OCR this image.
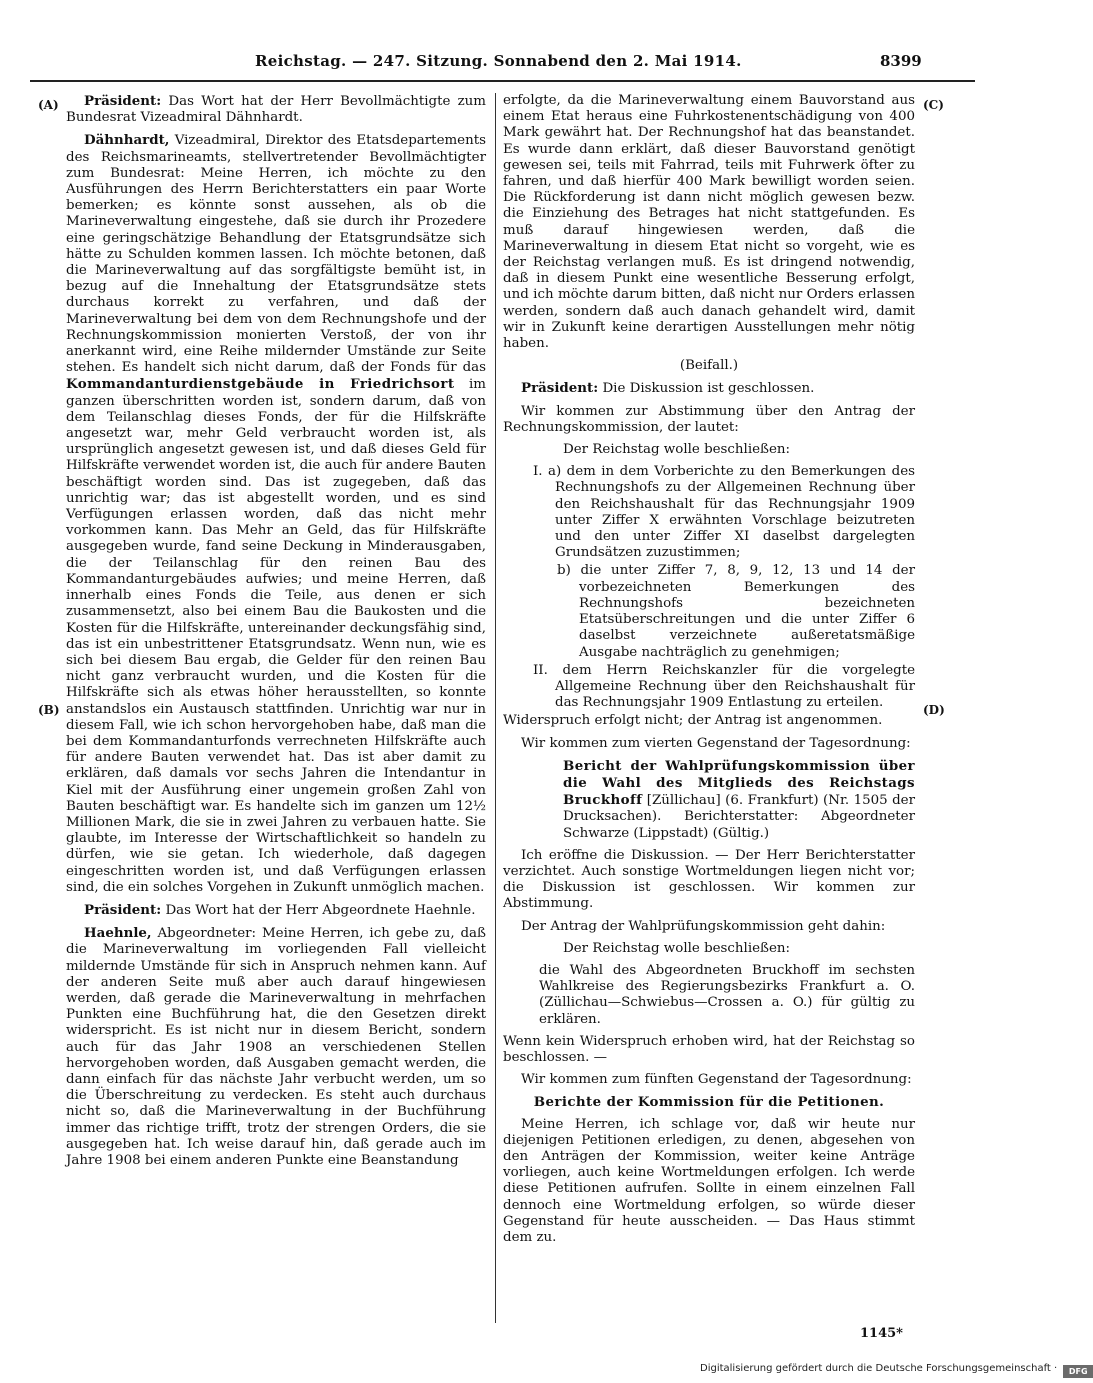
Reichstag. — 247. Sitzung. Sonnabend den 2. Mai 1914.	8399
(A)
(B)
(C)
(D)

Präsident: Das Wort hat der Herr Bevollmächtigte zum Bundesrat Vizeadmiral Dähnhardt.

Dähnhardt, Vizeadmiral, Direktor des Etatsdepartements des Reichsmarineamts, stellvertretender Bevollmächtigter zum Bundesrat: Meine Herren, ich möchte zu den Ausführungen des Herrn Berichterstatters ein paar Worte bemerken; es könnte sonst aussehen, als ob die Marineverwaltung eingestehe, daß sie durch ihr Prozedere eine geringschätzige Behandlung der Etatsgrundsätze sich hätte zu Schulden kommen lassen. Ich möchte betonen, daß die Marineverwaltung auf das sorgfältigste bemüht ist, in bezug auf die Innehaltung der Etatsgrundsätze stets durchaus korrekt zu verfahren, und daß der Marineverwaltung bei dem von dem Rechnungshofe und der Rechnungskommission monierten Verstoß, der von ihr anerkannt wird, eine Reihe mildernder Umstände zur Seite stehen. Es handelt sich nicht darum, daß der Fonds für das Kommandanturdienstgebäude in Friedrichsort im ganzen überschritten worden ist, sondern darum, daß von dem Teilanschlag dieses Fonds, der für die Hilfskräfte angesetzt war, mehr Geld verbraucht worden ist, als ursprünglich angesetzt gewesen ist, und daß dieses Geld für Hilfskräfte verwendet worden ist, die auch für andere Bauten beschäftigt worden sind. Das ist zugegeben, daß das unrichtig war; das ist abgestellt worden, und es sind Verfügungen erlassen worden, daß das nicht mehr vorkommen kann. Das Mehr an Geld, das für Hilfskräfte ausgegeben wurde, fand seine Deckung in Minderausgaben, die der Teilanschlag für den reinen Bau des Kommandanturgebäudes aufwies; und meine Herren, daß innerhalb eines Fonds die Teile, aus denen er sich zusammensetzt, also bei einem Bau die Baukosten und die Kosten für die Hilfskräfte, untereinander deckungsfähig sind, das ist ein unbestrittener Etatsgrundsatz. Wenn nun, wie es sich bei diesem Bau ergab, die Gelder für den reinen Bau nicht ganz verbraucht wurden, und die Kosten für die Hilfskräfte sich als etwas höher herausstellten, so konnte anstandslos ein Austausch stattfinden. Unrichtig war nur in diesem Fall, wie ich schon hervorgehoben habe, daß man die bei dem Kommandanturfonds verrechneten Hilfskräfte auch für andere Bauten verwendet hat. Das ist aber damit zu erklären, daß damals vor sechs Jahren die Intendantur in Kiel mit der Ausführung einer ungemein großen Zahl von Bauten beschäftigt war. Es handelte sich im ganzen um 12½ Millionen Mark, die sie in zwei Jahren zu verbauen hatte. Sie glaubte, im Interesse der Wirtschaftlichkeit so handeln zu dürfen, wie sie getan. Ich wiederhole, daß dagegen eingeschritten worden ist, und daß Verfügungen erlassen sind, die ein solches Vorgehen in Zukunft unmöglich machen.

Präsident: Das Wort hat der Herr Abgeordnete Haehnle.

Haehnle, Abgeordneter: Meine Herren, ich gebe zu, daß die Marineverwaltung im vorliegenden Fall vielleicht mildernde Umstände für sich in Anspruch nehmen kann. Auf der anderen Seite muß aber auch darauf hingewiesen werden, daß gerade die Marineverwaltung in mehrfachen Punkten eine Buchführung hat, die den Gesetzen direkt widerspricht. Es ist nicht nur in diesem Bericht, sondern auch für das Jahr 1908 an verschiedenen Stellen hervorgehoben worden, daß Ausgaben gemacht werden, die dann einfach für das nächste Jahr verbucht werden, um so die Überschreitung zu verdecken. Es steht auch durchaus nicht so, daß die Marineverwaltung in der Buchführung immer das richtige trifft, trotz der strengen Orders, die sie ausgegeben hat. Ich weise darauf hin, daß gerade auch im Jahre 1908 bei einem anderen Punkte eine Beanstandung

erfolgte, da die Marineverwaltung einem Bauvorstand aus einem Etat heraus eine Fuhrkostenentschädigung von 400 Mark gewährt hat. Der Rechnungshof hat das beanstandet. Es wurde dann erklärt, daß dieser Bauvorstand genötigt gewesen sei, teils mit Fahrrad, teils mit Fuhrwerk öfter zu fahren, und daß hierfür 400 Mark bewilligt worden seien. Die Rückforderung ist dann nicht möglich gewesen bezw. die Einziehung des Betrages hat nicht stattgefunden. Es muß darauf hingewiesen werden, daß die Marineverwaltung in diesem Etat nicht so vorgeht, wie es der Reichstag verlangen muß. Es ist dringend notwendig, daß in diesem Punkt eine wesentliche Besserung erfolgt, und ich möchte darum bitten, daß nicht nur Orders erlassen werden, sondern daß auch danach gehandelt wird, damit wir in Zukunft keine derartigen Ausstellungen mehr nötig haben.

(Beifall.)

Präsident: Die Diskussion ist geschlossen.

Wir kommen zur Abstimmung über den Antrag der Rechnungskommission, der lautet:

Der Reichstag wolle beschließen:

I. a) dem in dem Vorberichte zu den Bemerkungen des Rechnungshofs zu der Allgemeinen Rechnung über den Reichshaushalt für das Rechnungsjahr 1909 unter Ziffer X erwähnten Vorschlage beizutreten und den unter Ziffer XI daselbst dargelegten Grundsätzen zuzustimmen;

b) die unter Ziffer 7, 8, 9, 12, 13 und 14 der vorbezeichneten Bemerkungen des Rechnungshofs bezeichneten Etatsüberschreitungen und die unter Ziffer 6 daselbst verzeichnete außeretatsmäßige Ausgabe nachträglich zu genehmigen;

II. dem Herrn Reichskanzler für die vorgelegte Allgemeine Rechnung über den Reichshaushalt für das Rechnungsjahr 1909 Entlastung zu erteilen.

Widerspruch erfolgt nicht; der Antrag ist angenommen.

Wir kommen zum vierten Gegenstand der Tagesordnung:

Bericht der Wahlprüfungskommission über die Wahl des Mitglieds des Reichstags Bruckhoff [Züllichau] (6. Frankfurt) (Nr. 1505 der Drucksachen). Berichterstatter: Abgeordneter Schwarze (Lippstadt) (Gültig.)

Ich eröffne die Diskussion. — Der Herr Berichterstatter verzichtet. Auch sonstige Wortmeldungen liegen nicht vor; die Diskussion ist geschlossen. Wir kommen zur Abstimmung.

Der Antrag der Wahlprüfungskommission geht dahin:

Der Reichstag wolle beschließen:

die Wahl des Abgeordneten Bruckhoff im sechsten Wahlkreise des Regierungsbezirks Frankfurt a. O. (Züllichau—Schwiebus—Crossen a. O.) für gültig zu erklären.

Wenn kein Widerspruch erhoben wird, hat der Reichstag so beschlossen. —

Wir kommen zum fünften Gegenstand der Tagesordnung:

Berichte der Kommission für die Petitionen.

Meine Herren, ich schlage vor, daß wir heute nur diejenigen Petitionen erledigen, zu denen, abgesehen von den Anträgen der Kommission, weiter keine Anträge vorliegen, auch keine Wortmeldungen erfolgen. Ich werde diese Petitionen aufrufen. Sollte in einem einzelnen Fall dennoch eine Wortmeldung erfolgen, so würde dieser Gegenstand für heute ausscheiden. — Das Haus stimmt dem zu.

1145*
Digitalisierung gefördert durch die Deutsche Forschungsgemeinschaft · DFG
